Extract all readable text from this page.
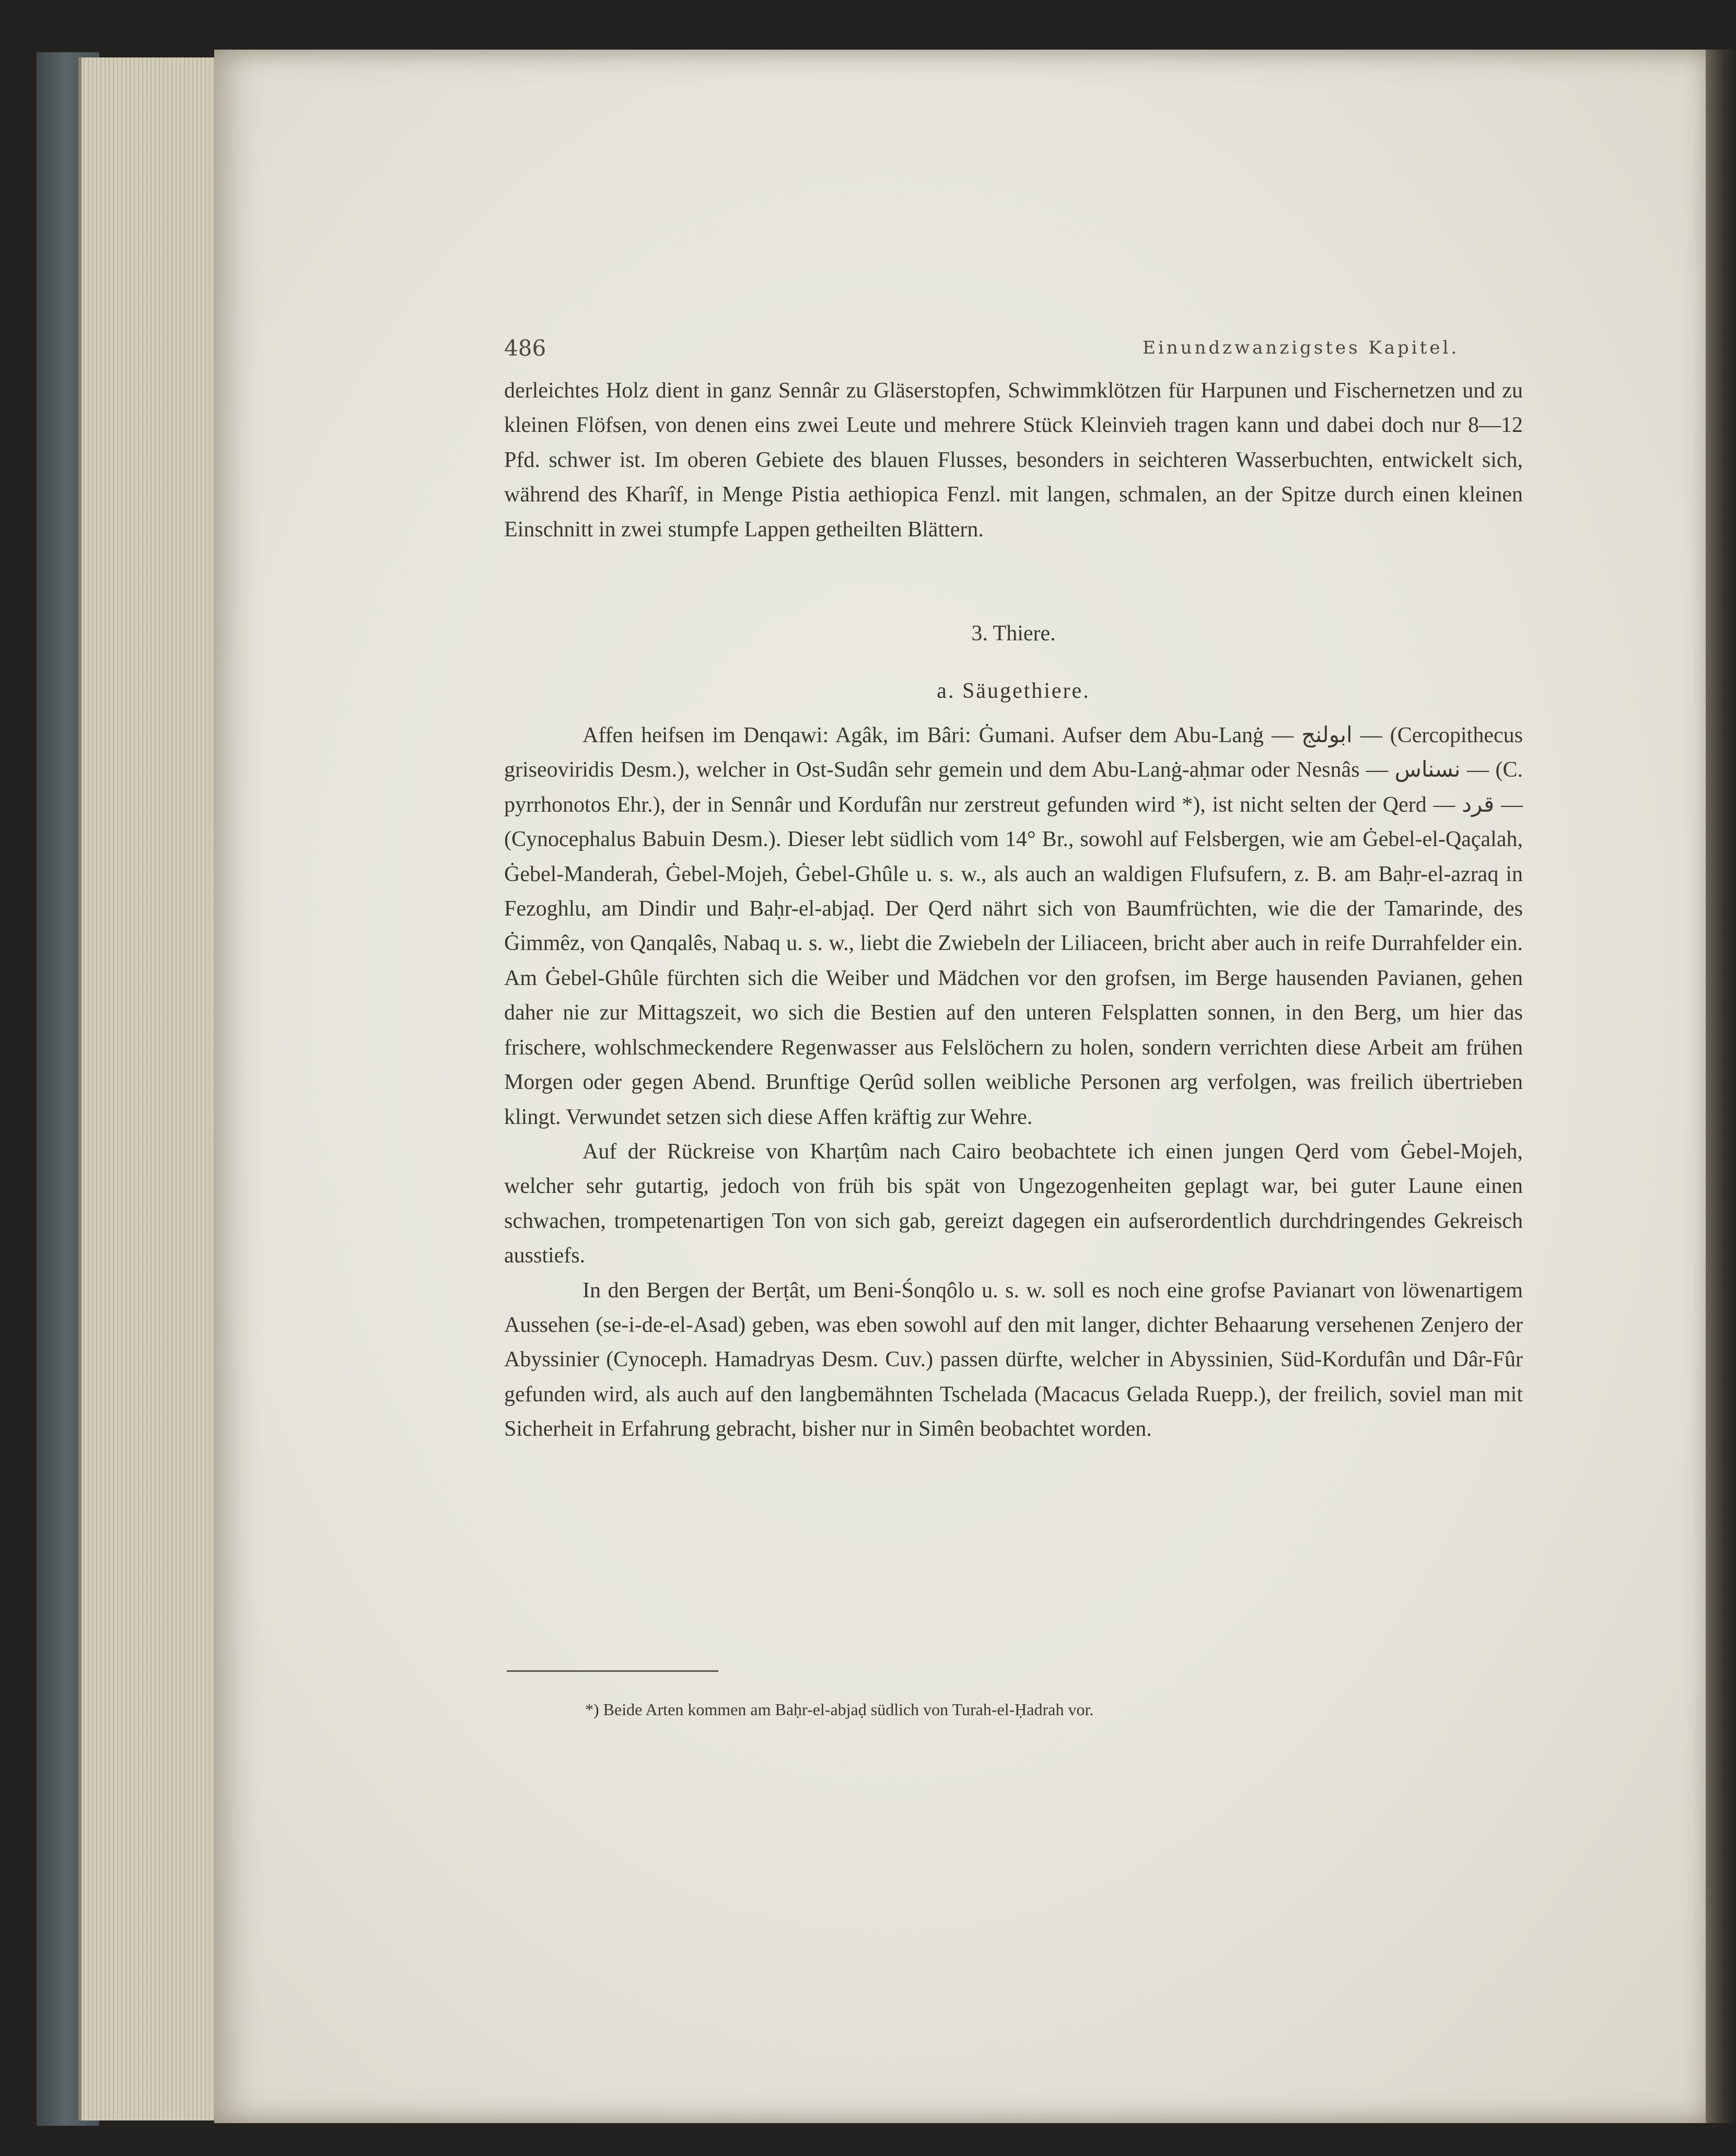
486	Einundzwanzigstes Kapitel.

derleichtes Holz dient in ganz Sennâr zu Gläserstopfen, Schwimmklötzen für Harpunen und Fischernetzen und zu kleinen Flöfsen, von denen eins zwei Leute und mehrere Stück Kleinvieh tragen kann und dabei doch nur 8—12 Pfd. schwer ist. Im oberen Gebiete des blauen Flusses, besonders in seichteren Wasserbuchten, entwickelt sich, während des Kharîf, in Menge Pistia aethiopica Fenzl. mit langen, schmalen, an der Spitze durch einen kleinen Einschnitt in zwei stumpfe Lappen getheilten Blättern.

3. Thiere.

a. Säugethiere.

Affen heifsen im Denqawi: Agâk, im Bâri: Ġumani. Aufser dem Abu-Lanġ — ابولنج — (Cercopithecus griseoviridis Desm.), welcher in Ost-Sudân sehr gemein und dem Abu-Lanġ-aḥmar oder Nesnâs — نسناس — (C. pyrrhonotos Ehr.), der in Sennâr und Kordufân nur zerstreut gefunden wird *), ist nicht selten der Qerd — قرد — (Cynocephalus Babuin Desm.). Dieser lebt südlich vom 14° Br., sowohl auf Felsbergen, wie am Ġebel-el-Qaçalah, Ġebel-Manderah, Ġebel-Mojeh, Ġebel-Ghûle u. s. w., als auch an waldigen Flufsufern, z. B. am Baḥr-el-azraq in Fezoghlu, am Dindir und Baḥr-el-abjaḍ. Der Qerd nährt sich von Baumfrüchten, wie die der Tamarinde, des Ġimmêz, von Qanqalês, Nabaq u. s. w., liebt die Zwiebeln der Liliaceen, bricht aber auch in reife Durrahfelder ein. Am Ġebel-Ghûle fürchten sich die Weiber und Mädchen vor den grofsen, im Berge hausenden Pavianen, gehen daher nie zur Mittagszeit, wo sich die Bestien auf den unteren Felsplatten sonnen, in den Berg, um hier das frischere, wohlschmeckendere Regenwasser aus Felslöchern zu holen, sondern verrichten diese Arbeit am frühen Morgen oder gegen Abend. Brunftige Qerûd sollen weibliche Personen arg verfolgen, was freilich übertrieben klingt. Verwundet setzen sich diese Affen kräftig zur Wehre.

Auf der Rückreise von Kharṭûm nach Cairo beobachtete ich einen jungen Qerd vom Ġebel-Mojeh, welcher sehr gutartig, jedoch von früh bis spät von Ungezogenheiten geplagt war, bei guter Laune einen schwachen, trompetenartigen Ton von sich gab, gereizt dagegen ein aufserordentlich durchdringendes Gekreisch ausstiefs.

In den Bergen der Berṭât, um Beni-Śonqôlo u. s. w. soll es noch eine grofse Pavianart von löwenartigem Aussehen (se-i-de-el-Asad) geben, was eben sowohl auf den mit langer, dichter Behaarung versehenen Zenjero der Abyssinier (Cynoceph. Hamadryas Desm. Cuv.) passen dürfte, welcher in Abyssinien, Süd-Kordufân und Dâr-Fûr gefunden wird, als auch auf den langbemähnten Tschelada (Macacus Gelada Ruepp.), der freilich, soviel man mit Sicherheit in Erfahrung gebracht, bisher nur in Simên beobachtet worden.

*) Beide Arten kommen am Baḥr-el-abjaḍ südlich von Turah-el-Ḥadrah vor.
